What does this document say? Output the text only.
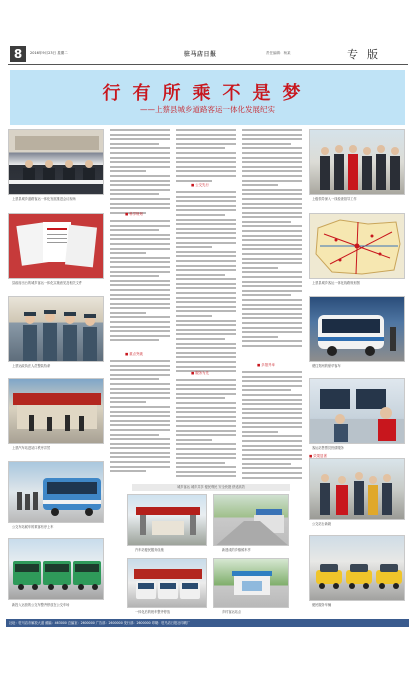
8	2016年9月23日 星期二	驻马店日报	责任编辑：杨某	专版
行有所乘不是梦
——上蔡县城乡道路客运一体化发展纪实
上蔡县城乡道路客运一体化发展推进会议现场
县政府出台的城乡客运一体化实施意见及相关文件
上蔡运政执法人员整装待命
上蔡汽车站进站口秩序井然
公交车站候车的乘客有序上车
新投入运营的公交车整齐停放在公交车场
■ 科学规划
■ 重点突破
■ 公交先行
■ 服务为先
■ 多措并举
城乡客运 城乡共享 便民利民 安全快捷 舒适高效
汽车站便民服务设施	新建成的乡镇候车亭
一体化后的班车整齐停放	乡村客运站点
上级领导深入一线检查指导工作
上蔡县城乡客运一体化线路规划图
驶往郑州的豪华客车
客运站售票员热情服务
■ 效果显著
公交站台新貌
便民服务车辆
社址：驻马店市解放大道 邮编：463000 总编室：2600000 广告部：2600000 发行部：2600000 印刷：驻马店日报社印刷厂
